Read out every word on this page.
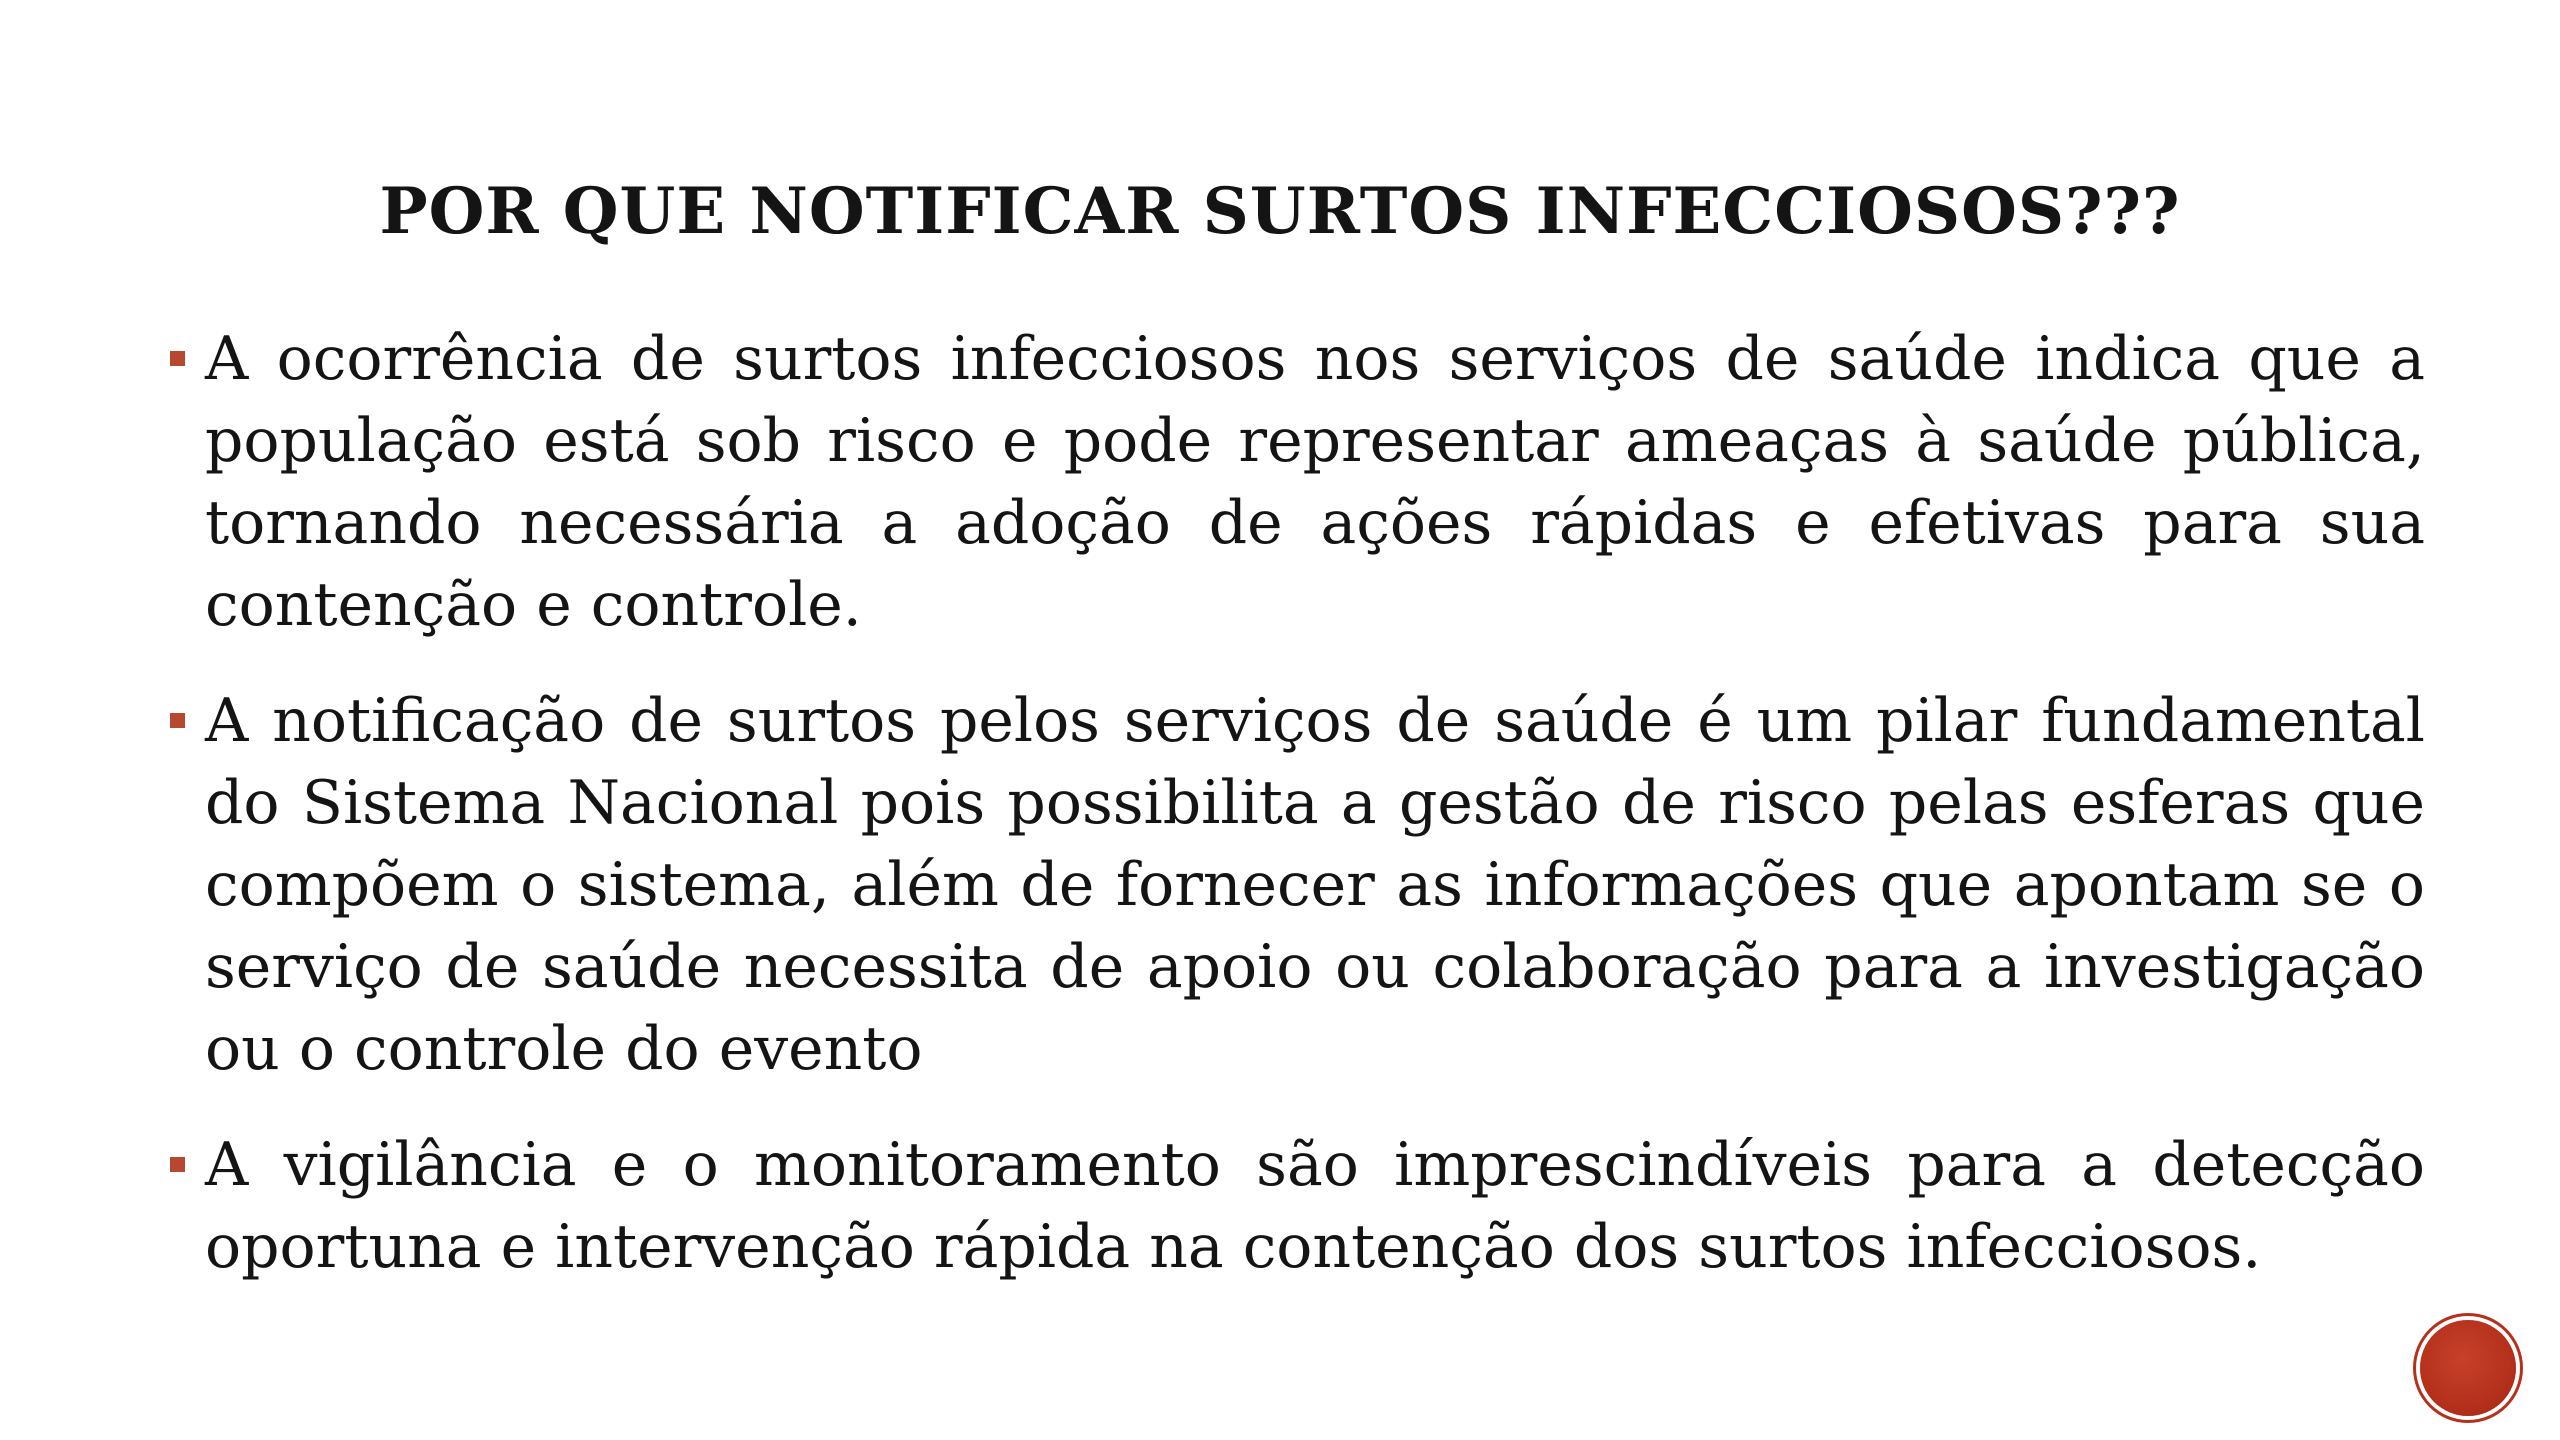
POR QUE NOTIFICAR SURTOS INFECCIOSOS???
A ocorrência de surtos infecciosos nos serviços de saúde indica que a população está sob risco e pode representar ameaças à saúde pública, tornando necessária a adoção de ações rápidas e efetivas para sua contenção e controle.
A notificação de surtos pelos serviços de saúde é um pilar fundamental do Sistema Nacional pois possibilita a gestão de risco pelas esferas que compõem o sistema, além de fornecer as informações que apontam se o serviço de saúde necessita de apoio ou colaboração para a investigação ou o controle do evento
A vigilância e o monitoramento são imprescindíveis para a detecção oportuna e intervenção rápida na contenção dos surtos infecciosos.
